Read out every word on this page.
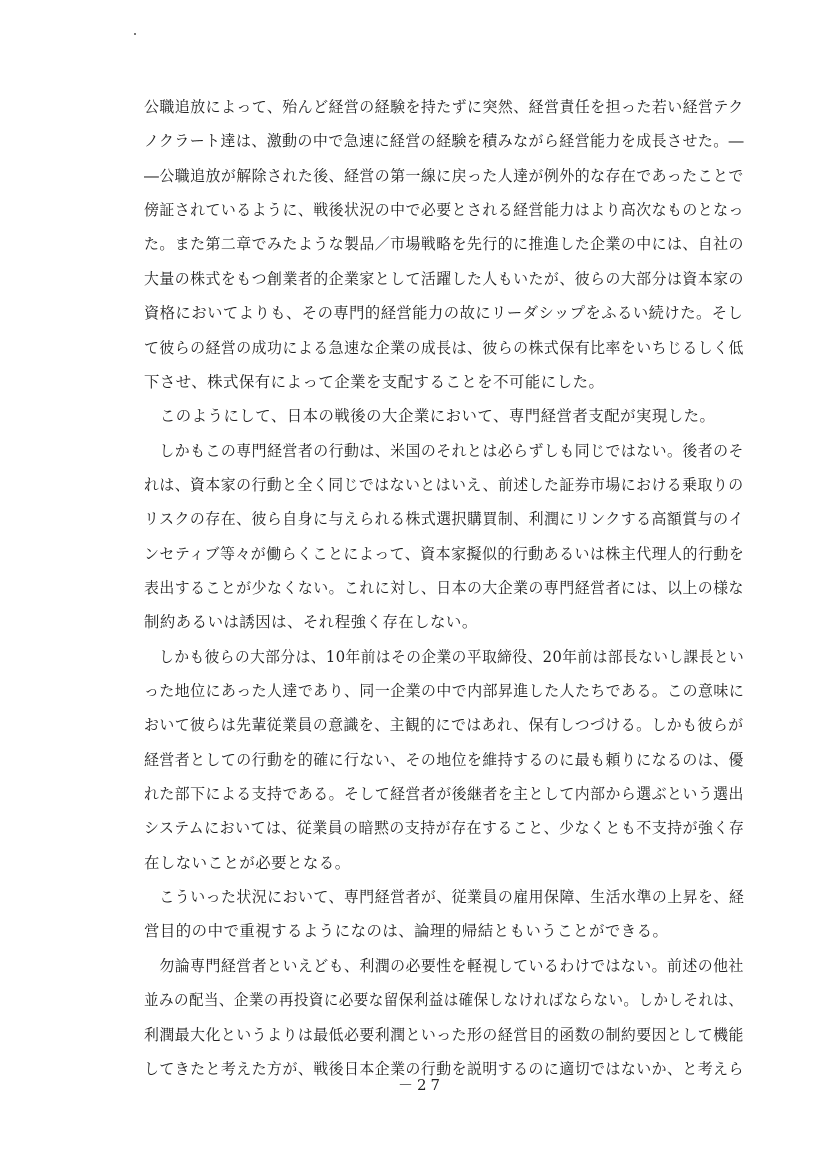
公職追放によって、殆んど経営の経験を持たずに突然、経営責任を担った若い経営テク
ノクラート達は、激動の中で急速に経営の経験を積みながら経営能力を成長させた。―
―公職追放が解除された後、経営の第一線に戻った人達が例外的な存在であったことで
傍証されているように、戦後状況の中で必要とされる経営能力はより高次なものとなっ
た。また第二章でみたような製品／市場戦略を先行的に推進した企業の中には、自社の
大量の株式をもつ創業者的企業家として活躍した人もいたが、彼らの大部分は資本家の
資格においてよりも、その専門的経営能力の故にリーダシップをふるい続けた。そし
て彼らの経営の成功による急速な企業の成長は、彼らの株式保有比率をいちじるしく低
下させ、株式保有によって企業を支配することを不可能にした。
　このようにして、日本の戦後の大企業において、専門経営者支配が実現した。
　しかもこの専門経営者の行動は、米国のそれとは必らずしも同じではない。後者のそ
れは、資本家の行動と全く同じではないとはいえ、前述した証券市場における乗取りの
リスクの存在、彼ら自身に与えられる株式選択購買制、利潤にリンクする高額賞与のイ
ンセティブ等々が働らくことによって、資本家擬似的行動あるいは株主代理人的行動を
表出することが少なくない。これに対し、日本の大企業の専門経営者には、以上の様な
制約あるいは誘因は、それ程強く存在しない。
　しかも彼らの大部分は、10年前はその企業の平取締役、20年前は部長ないし課長とい
った地位にあった人達であり、同一企業の中で内部昇進した人たちである。この意味に
おいて彼らは先輩従業員の意識を、主観的にではあれ、保有しつづける。しかも彼らが
経営者としての行動を的確に行ない、その地位を維持するのに最も頼りになるのは、優
れた部下による支持である。そして経営者が後継者を主として内部から選ぶという選出
システムにおいては、従業員の暗黙の支持が存在すること、少なくとも不支持が強く存
在しないことが必要となる。
　こういった状況において、専門経営者が、従業員の雇用保障、生活水準の上昇を、経
営目的の中で重視するようになのは、論理的帰結ともいうことができる。
　勿論専門経営者といえども、利潤の必要性を軽視しているわけではない。前述の他社
並みの配当、企業の再投資に必要な留保利益は確保しなければならない。しかしそれは、
利潤最大化というよりは最低必要利潤といった形の経営目的函数の制約要因として機能
してきたと考えた方が、戦後日本企業の行動を説明するのに適切ではないか、と考えら
－27
